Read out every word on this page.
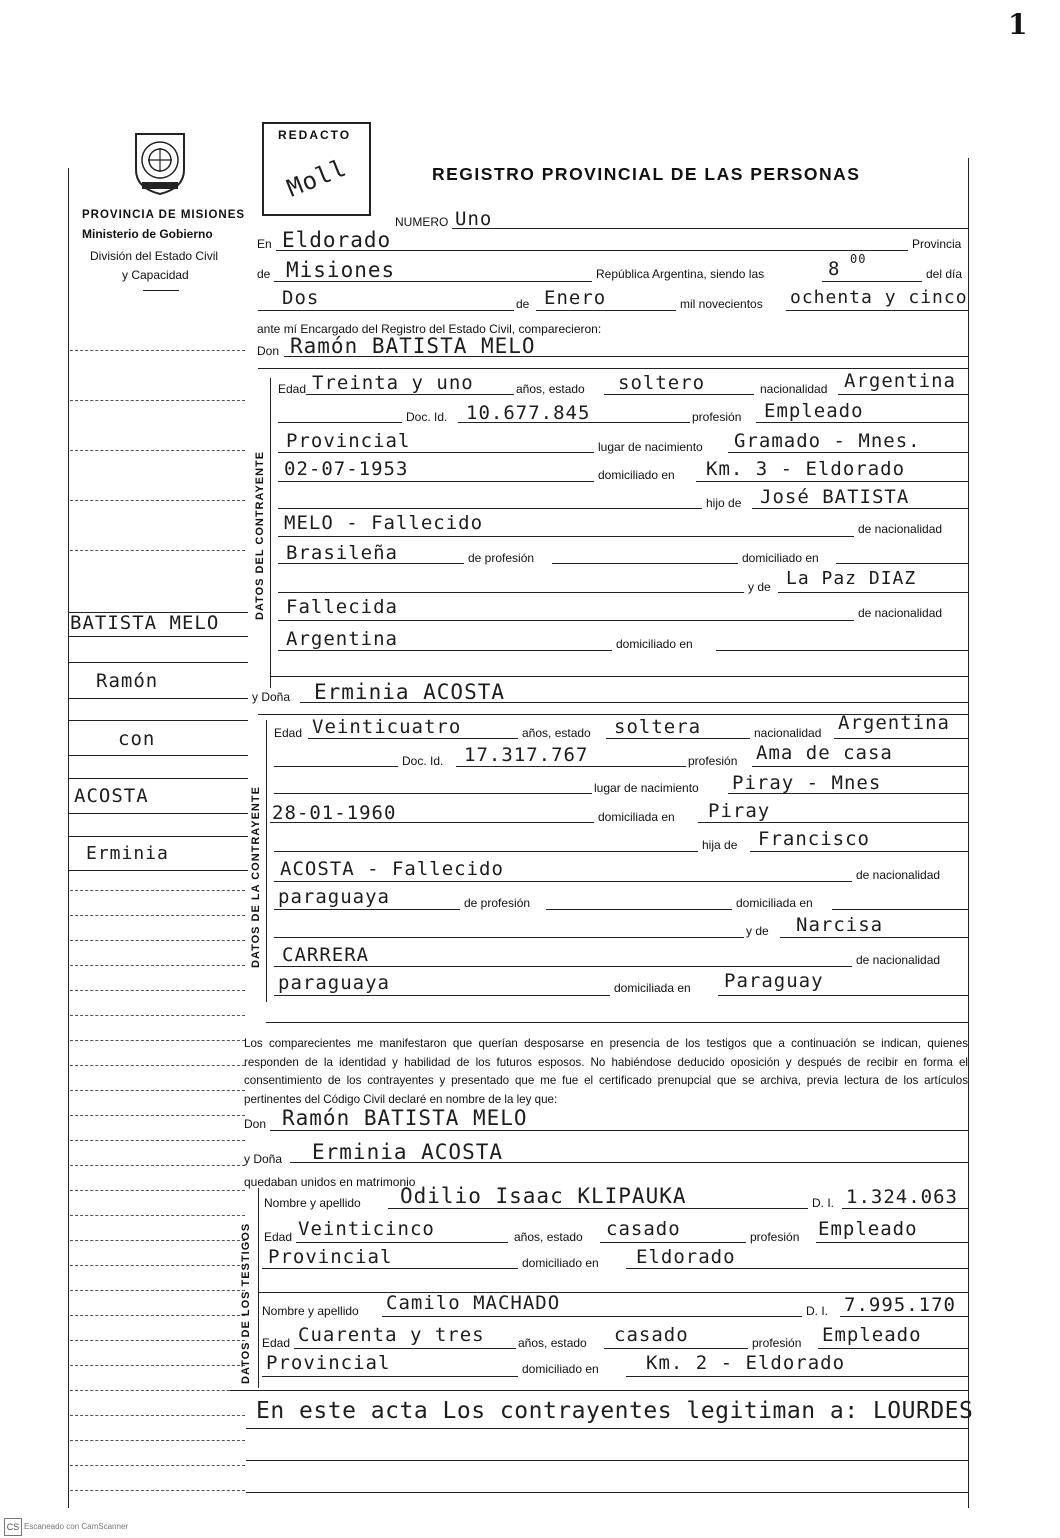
1
REDACTO
Moll
PROVINCIA DE MISIONES
Ministerio de Gobierno
División del Estado Civil
y Capacidad
REGISTRO PROVINCIAL DE LAS PERSONAS
BATISTA MELO
Ramón
con
ACOSTA
Erminia
NUMERO Uno
En Eldorado	Provincia
de Misiones	República Argentina, siendo las	8 00
del día
Dos	de Enero	mil novecientos ochenta y cinco
ante mí Encargado del Registro del Estado Civil, comparecieron:
Don Ramón BATISTA MELO
DATOS DEL CONTRAYENTE
Edad Treinta y uno	años, estado soltero	nacionalidad Argentina
Doc. Id. 10.677.845	profesión Empleado
Provincial	lugar de nacimiento Gramado - Mnes.
02-07-1953	domiciliado en Km. 3 - Eldorado
hijo de José BATISTA
MELO - Fallecido	de nacionalidad
Brasileña	de profesión	domiciliado en
y de La Paz DIAZ
Fallecida	de nacionalidad
Argentina	domiciliado en
y Doña Erminia ACOSTA
DATOS DE LA CONTRAYENTE
Edad Veinticuatro	años, estado soltera	nacionalidad Argentina
Doc. Id. 17.317.767	profesión Ama de casa
lugar de nacimiento Piray - Mnes
28-01-1960	domiciliada en Piray
hija de Francisco
ACOSTA - Fallecido	de nacionalidad
paraguaya	de profesión	domiciliada en
y de Narcisa
CARRERA	de nacionalidad
paraguaya	domiciliada en Paraguay
Los comparecientes me manifestaron que querían desposarse en presencia de los testigos que a continuación se indican, quienes responden de la identidad y habilidad de los futuros esposos. No habiéndose deducido oposición y después de recibir en forma el consentimiento de los contrayentes y presentado que me fue el certificado prenupcial que se archiva, previa lectura de los artículos pertinentes del Código Civil declaré en nombre de la ley que:
Don Ramón BATISTA MELO
y Doña Erminia ACOSTA
quedaban unidos en matrimonio
DATOS DE LOS TESTIGOS
Nombre y apellido Odilio Isaac KLIPAUKA	D. I. 1.324.063
Edad Veinticinco	años, estado casado	profesión Empleado
Provincial	domiciliado en Eldorado
Nombre y apellido Camilo MACHADO	D. I. 7.995.170
Edad Cuarenta y tres	años, estado casado	profesión Empleado
Provincial	domiciliado en Km. 2 - Eldorado
En este acta Los contrayentes legitiman a: LOURDES
CS Escaneado con CamScanner
